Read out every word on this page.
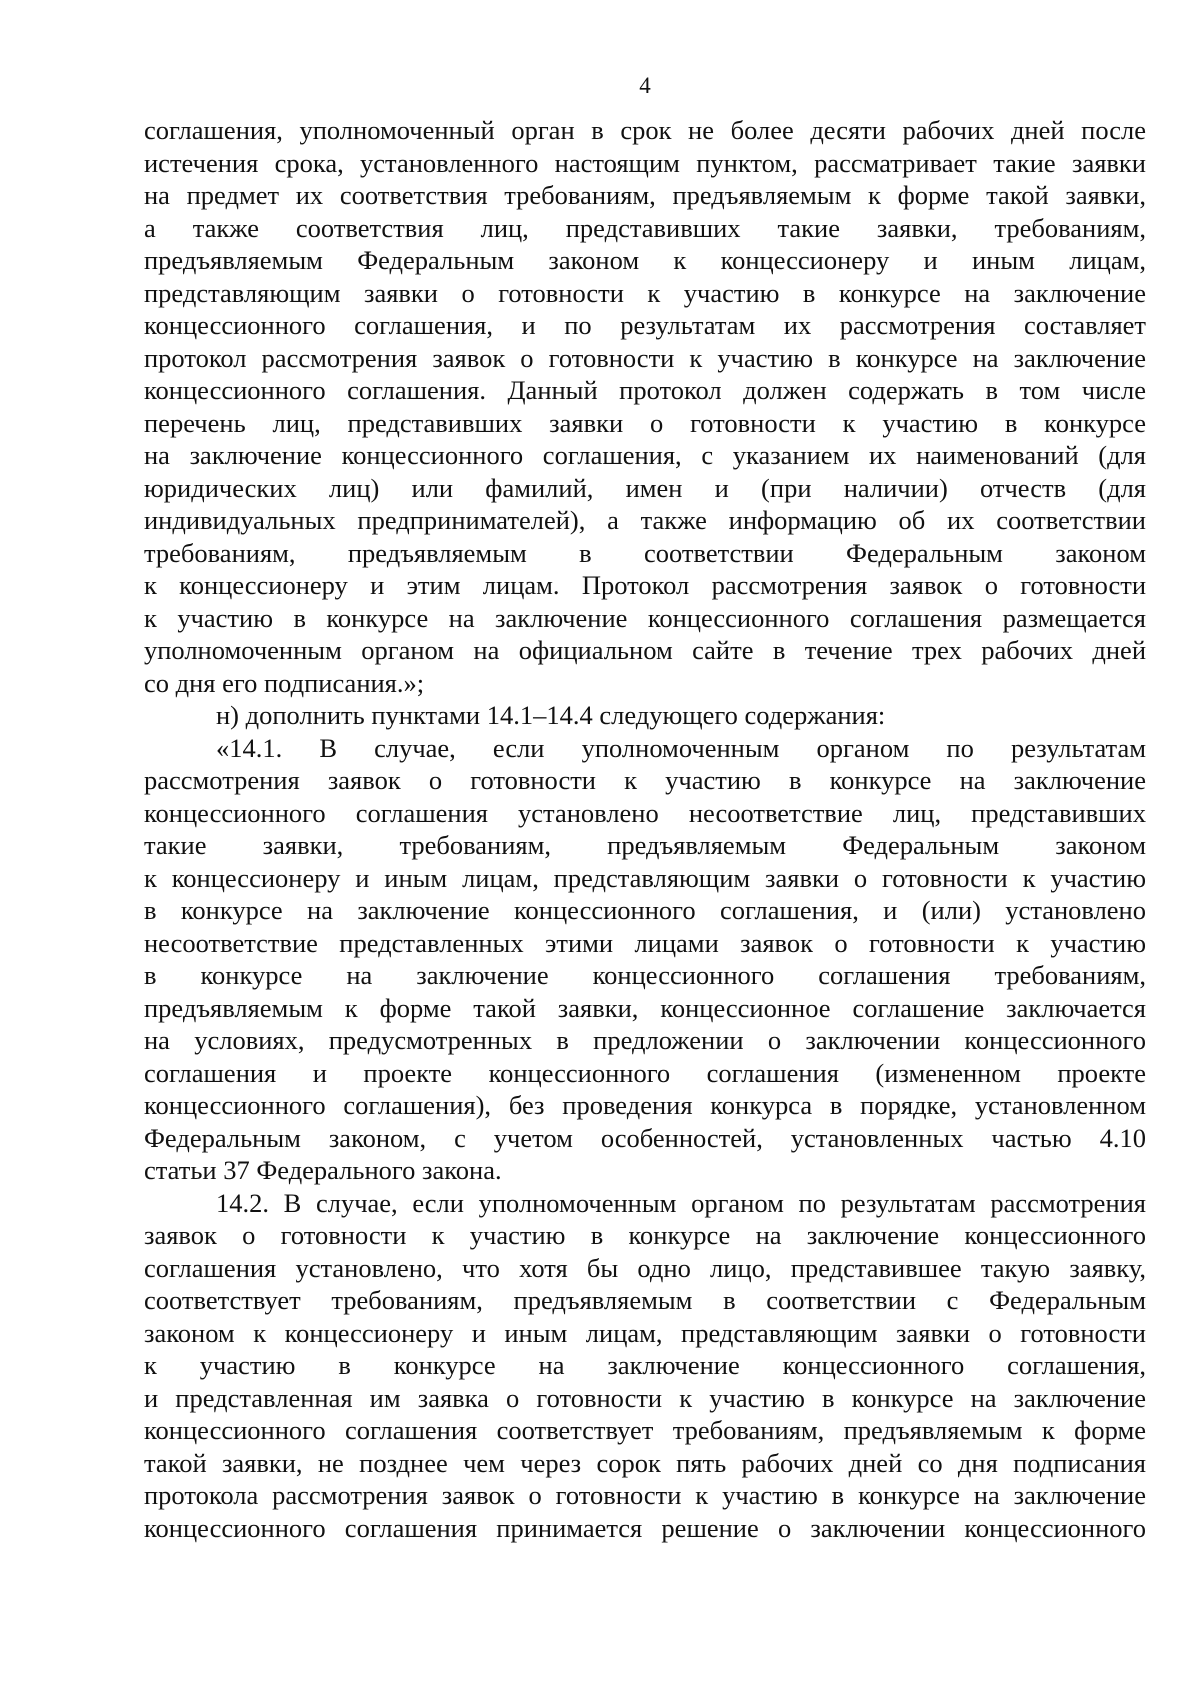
4
соглашения, уполномоченный орган в срок не более десяти рабочих дней после
истечения срока, установленного настоящим пунктом, рассматривает такие заявки
на предмет их соответствия требованиям, предъявляемым к форме такой заявки,
а также соответствия лиц, представивших такие заявки, требованиям,
предъявляемым Федеральным законом к концессионеру и иным лицам,
представляющим заявки о готовности к участию в конкурсе на заключение
концессионного соглашения, и по результатам их рассмотрения составляет
протокол рассмотрения заявок о готовности к участию в конкурсе на заключение
концессионного соглашения. Данный протокол должен содержать в том числе
перечень лиц, представивших заявки о готовности к участию в конкурсе
на заключение концессионного соглашения, с указанием их наименований (для
юридических лиц) или фамилий, имен и (при наличии) отчеств (для
индивидуальных предпринимателей), а также информацию об их соответствии
требованиям, предъявляемым в соответствии Федеральным законом
к концессионеру и этим лицам. Протокол рассмотрения заявок о готовности
к участию в конкурсе на заключение концессионного соглашения размещается
уполномоченным органом на официальном сайте в течение трех рабочих дней
со дня его подписания.»;
н) дополнить пунктами 14.1–14.4 следующего содержания:
«14.1. В случае, если уполномоченным органом по результатам
рассмотрения заявок о готовности к участию в конкурсе на заключение
концессионного соглашения установлено несоответствие лиц, представивших
такие заявки, требованиям, предъявляемым Федеральным законом
к концессионеру и иным лицам, представляющим заявки о готовности к участию
в конкурсе на заключение концессионного соглашения, и (или) установлено
несоответствие представленных этими лицами заявок о готовности к участию
в конкурсе на заключение концессионного соглашения требованиям,
предъявляемым к форме такой заявки, концессионное соглашение заключается
на условиях, предусмотренных в предложении о заключении концессионного
соглашения и проекте концессионного соглашения (измененном проекте
концессионного соглашения), без проведения конкурса в порядке, установленном
Федеральным законом, с учетом особенностей, установленных частью 4.10
статьи 37 Федерального закона.
14.2. В случае, если уполномоченным органом по результатам рассмотрения
заявок о готовности к участию в конкурсе на заключение концессионного
соглашения установлено, что хотя бы одно лицо, представившее такую заявку,
соответствует требованиям, предъявляемым в соответствии с Федеральным
законом к концессионеру и иным лицам, представляющим заявки о готовности
к участию в конкурсе на заключение концессионного соглашения,
и представленная им заявка о готовности к участию в конкурсе на заключение
концессионного соглашения соответствует требованиям, предъявляемым к форме
такой заявки, не позднее чем через сорок пять рабочих дней со дня подписания
протокола рассмотрения заявок о готовности к участию в конкурсе на заключение
концессионного соглашения принимается решение о заключении концессионного
